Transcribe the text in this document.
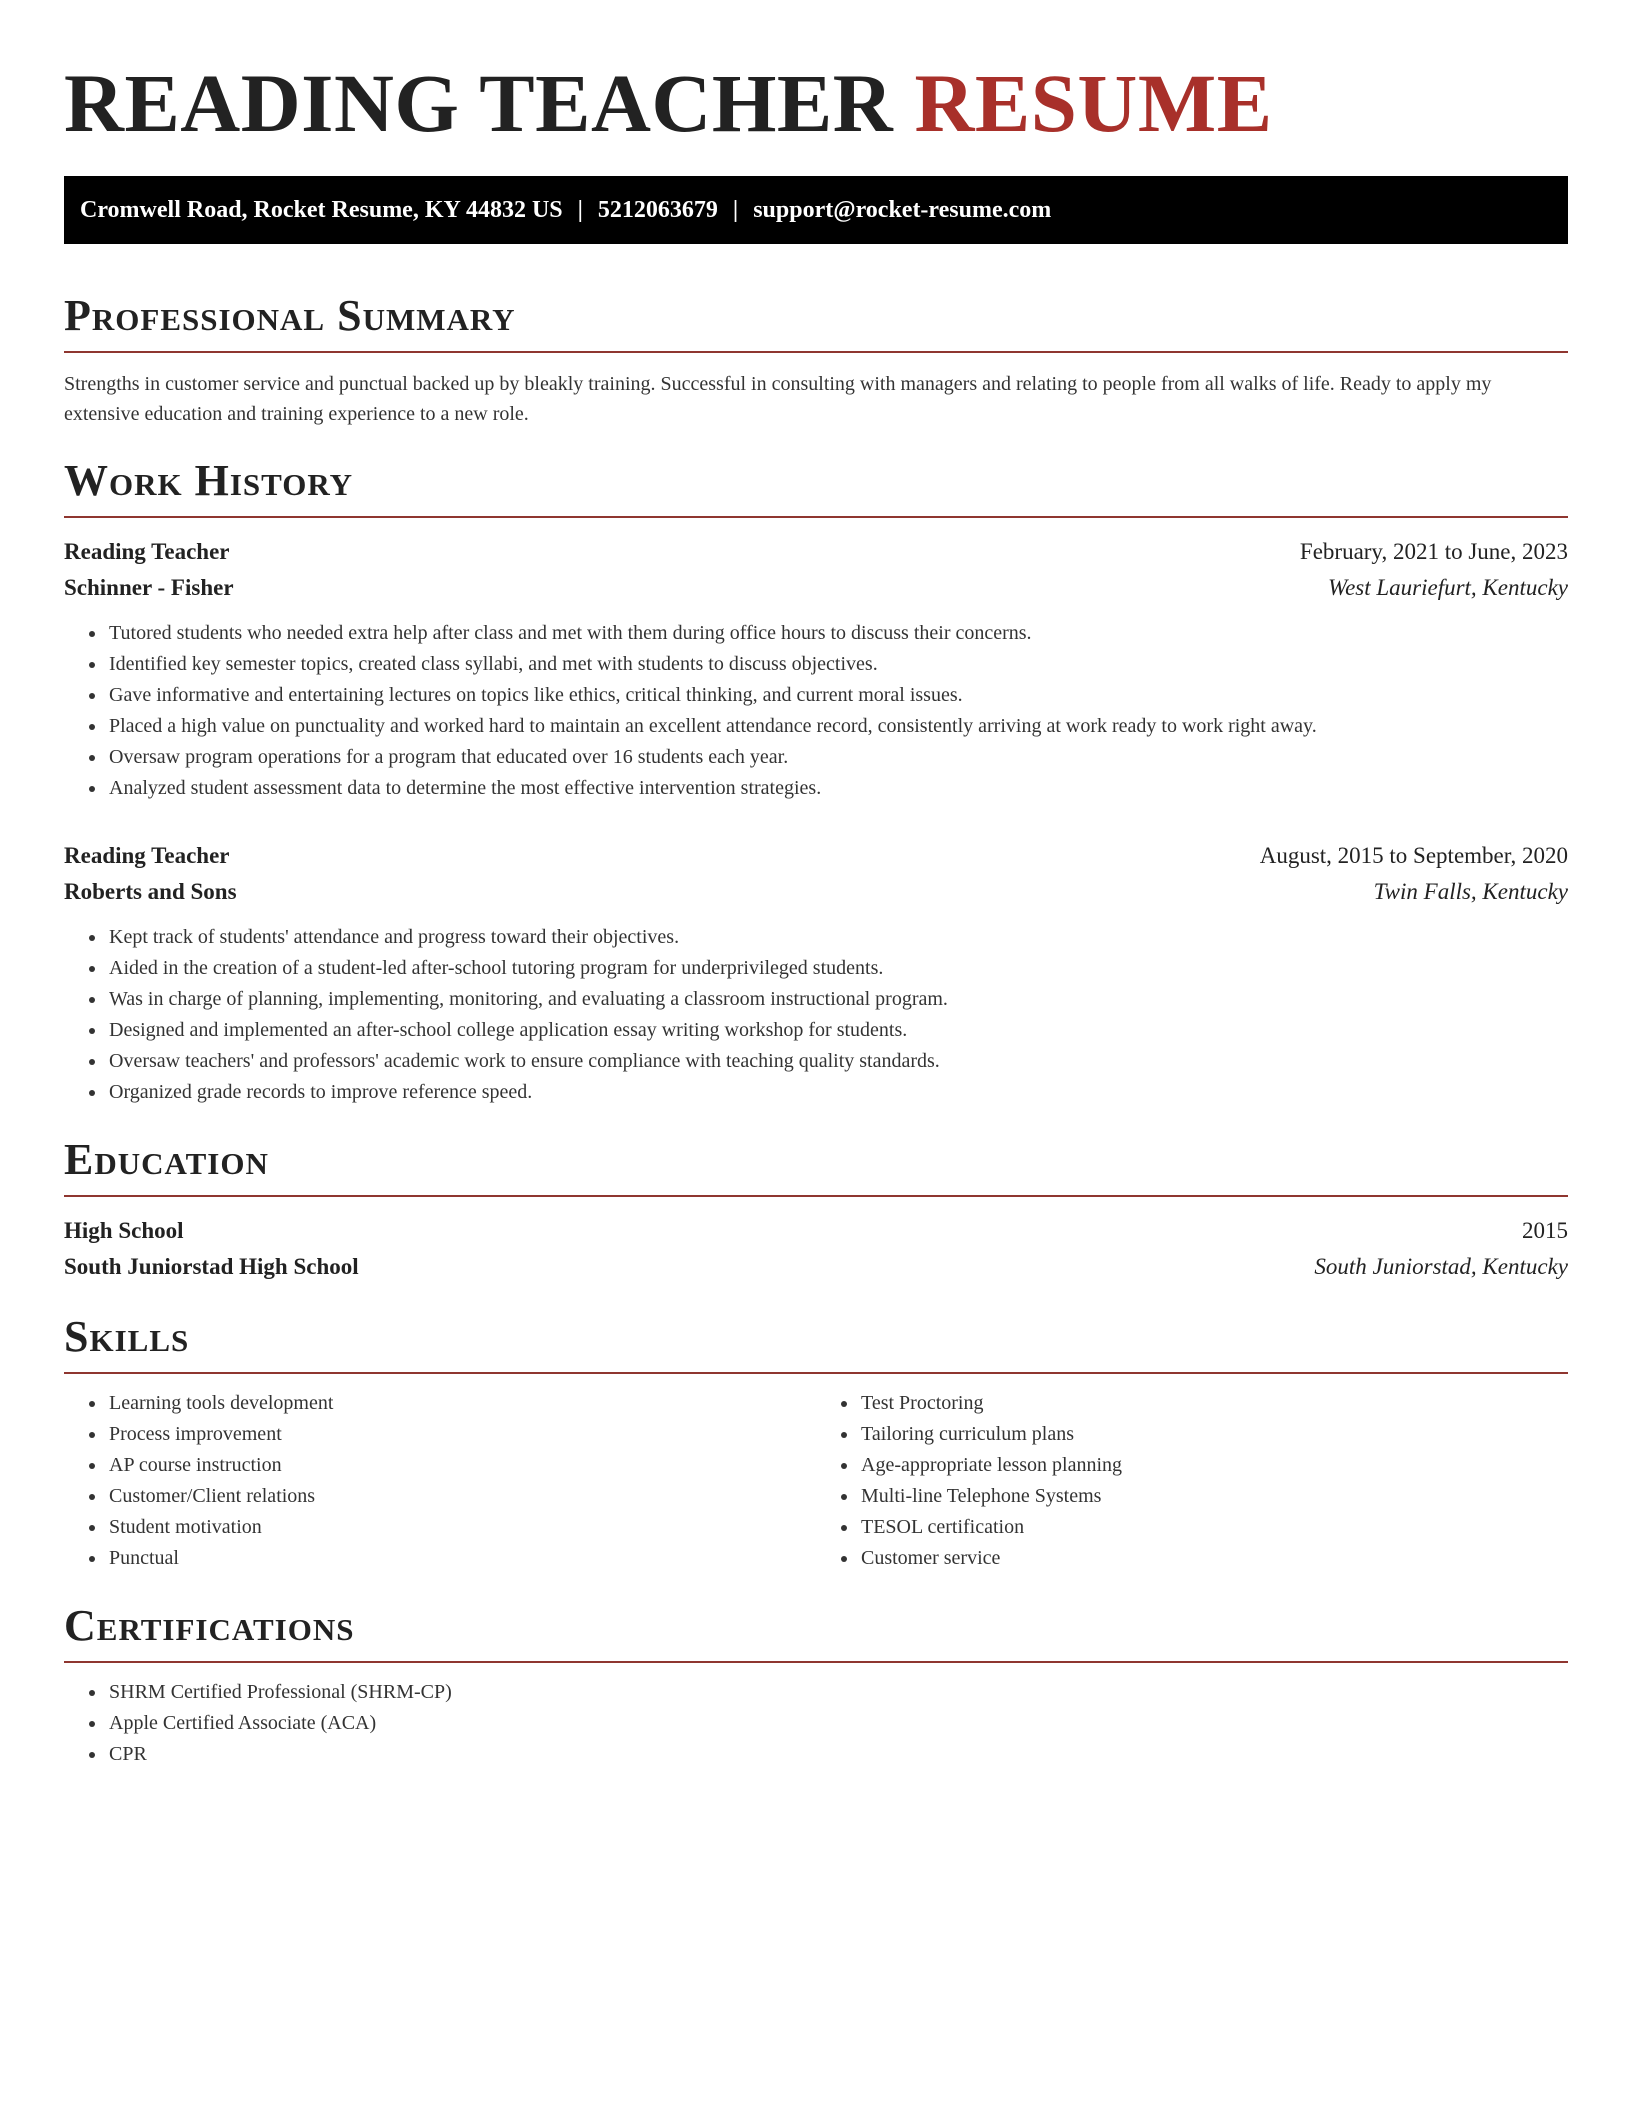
READING TEACHER RESUME
Cromwell Road, Rocket Resume, KY 44832 US | 5212063679 | support@rocket-resume.com
Professional Summary

Strengths in customer service and punctual backed up by bleakly training. Successful in consulting with managers and relating to people from all walks of life. Ready to apply my extensive education and training experience to a new role.

Work History
Reading Teacher	February, 2021 to June, 2023
Schinner - Fisher	West Lauriefurt, Kentucky
• Tutored students who needed extra help after class and met with them during office hours to discuss their concerns.
• Identified key semester topics, created class syllabi, and met with students to discuss objectives.
• Gave informative and entertaining lectures on topics like ethics, critical thinking, and current moral issues.
• Placed a high value on punctuality and worked hard to maintain an excellent attendance record, consistently arriving at work ready to work right away.
• Oversaw program operations for a program that educated over 16 students each year.
• Analyzed student assessment data to determine the most effective intervention strategies.
Reading Teacher	August, 2015 to September, 2020
Roberts and Sons	Twin Falls, Kentucky
• Kept track of students' attendance and progress toward their objectives.
• Aided in the creation of a student-led after-school tutoring program for underprivileged students.
• Was in charge of planning, implementing, monitoring, and evaluating a classroom instructional program.
• Designed and implemented an after-school college application essay writing workshop for students.
• Oversaw teachers' and professors' academic work to ensure compliance with teaching quality standards.
• Organized grade records to improve reference speed.
Education
High School	2015
South Juniorstad High School	South Juniorstad, Kentucky
Skills
• Learning tools development
• Process improvement
• AP course instruction
• Customer/Client relations
• Student motivation
• Punctual
• Test Proctoring
• Tailoring curriculum plans
• Age-appropriate lesson planning
• Multi-line Telephone Systems
• TESOL certification
• Customer service
Certifications
• SHRM Certified Professional (SHRM-CP)
• Apple Certified Associate (ACA)
• CPR
